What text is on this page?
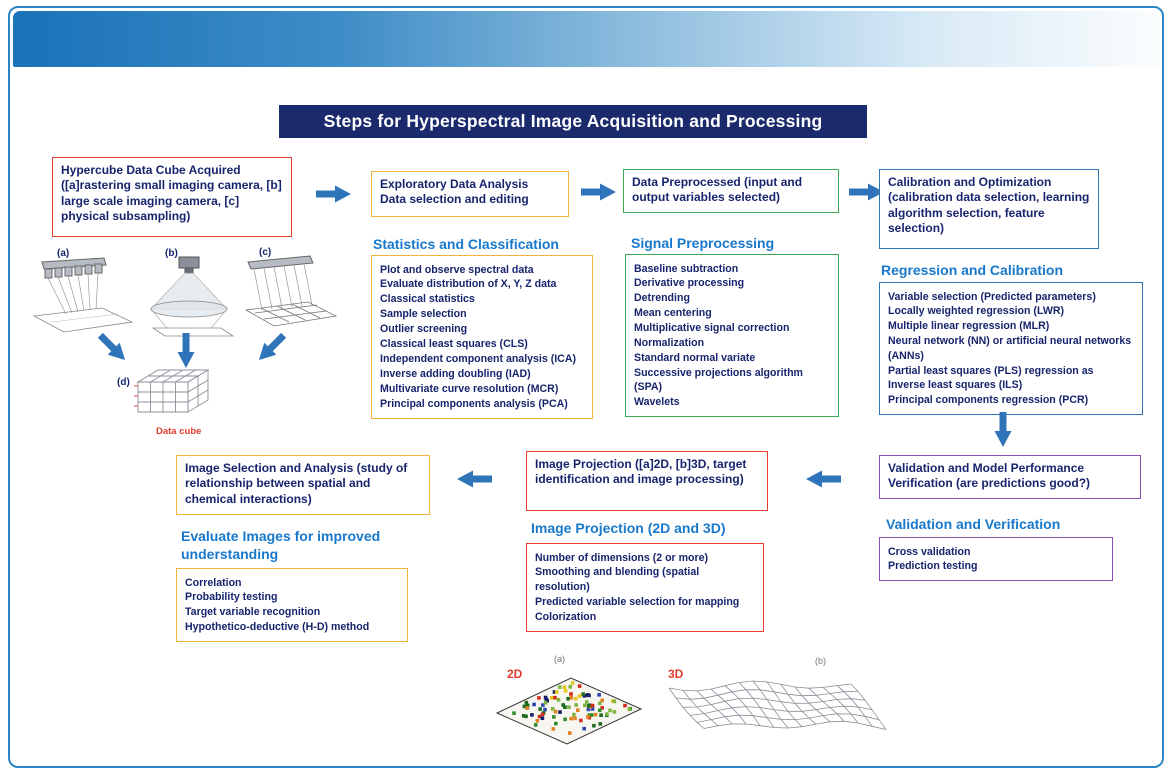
Steps for Hyperspectral Image Acquisition and Processing
Hypercube Data Cube Acquired ([a]rastering small imaging camera, [b] large scale imaging camera, [c] physical subsampling)
Exploratory Data Analysis
Data selection and editing
Data Preprocessed (input and output variables selected)
Calibration and Optimization (calibration data selection, learning algorithm selection, feature selection)
(a)	(b)	(c)
(d)
Data cube
Statistics and Classification
Plot and observe spectral data
Evaluate distribution of X, Y, Z data
Classical statistics
Sample selection
Outlier screening
Classical least squares (CLS)
Independent component analysis (ICA)
Inverse adding doubling (IAD)
Multivariate curve resolution (MCR)
Principal components analysis (PCA)
Signal Preprocessing
Baseline subtraction
Derivative processing
Detrending
Mean centering
Multiplicative signal correction
Normalization
Standard normal variate
Successive projections algorithm (SPA)
Wavelets
Regression and Calibration
Variable selection (Predicted parameters)
Locally weighted regression (LWR)
Multiple linear regression (MLR)
Neural network (NN) or artificial neural networks (ANNs)
Partial least squares (PLS) regression as
Inverse least squares (ILS)
Principal components regression (PCR)
Validation and Model Performance Verification (are predictions good?)
Validation and Verification
Cross validation
Prediction testing
Image Projection ([a]2D, [b]3D, target identification and image processing)
Image Selection and Analysis (study of relationship between spatial and chemical interactions)
Evaluate Images for improved understanding
Correlation
Probability testing
Target variable recognition
Hypothetico-deductive (H-D) method
Image Projection (2D and 3D)
Number of dimensions (2 or more)
Smoothing and blending (spatial resolution)
Predicted variable selection for mapping
Colorization
(a)
2D
(b)
3D
